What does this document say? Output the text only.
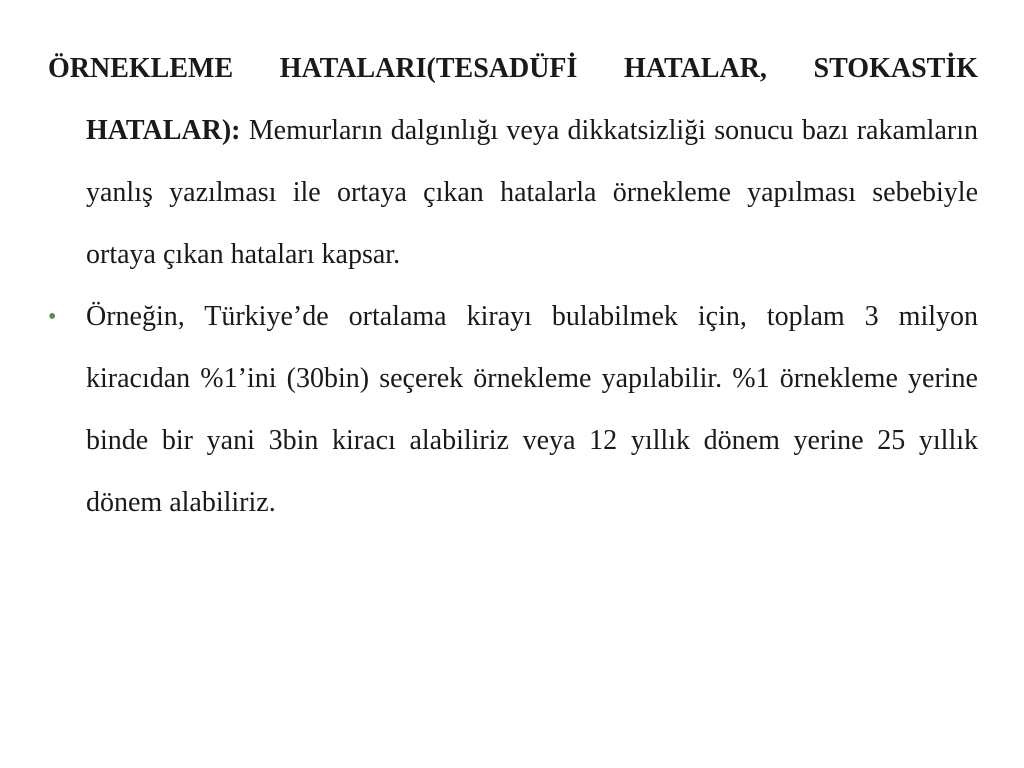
ÖRNEKLEME HATALARI(TESADÜFİ HATALAR, STOKASTİK HATALAR): Memurların dalgınlığı veya dikkatsizliği sonucu bazı rakamların yanlış yazılması ile ortaya çıkan hatalarla örnekleme yapılması sebebiyle ortaya çıkan hataları kapsar.

•	Örneğin, Türkiye’de ortalama kirayı bulabilmek için, toplam 3 milyon kiracıdan %1’ini (30bin) seçerek örnekleme yapılabilir. %1 örnekleme yerine binde bir yani 3bin kiracı alabiliriz veya 12 yıllık dönem yerine 25 yıllık dönem alabiliriz.
